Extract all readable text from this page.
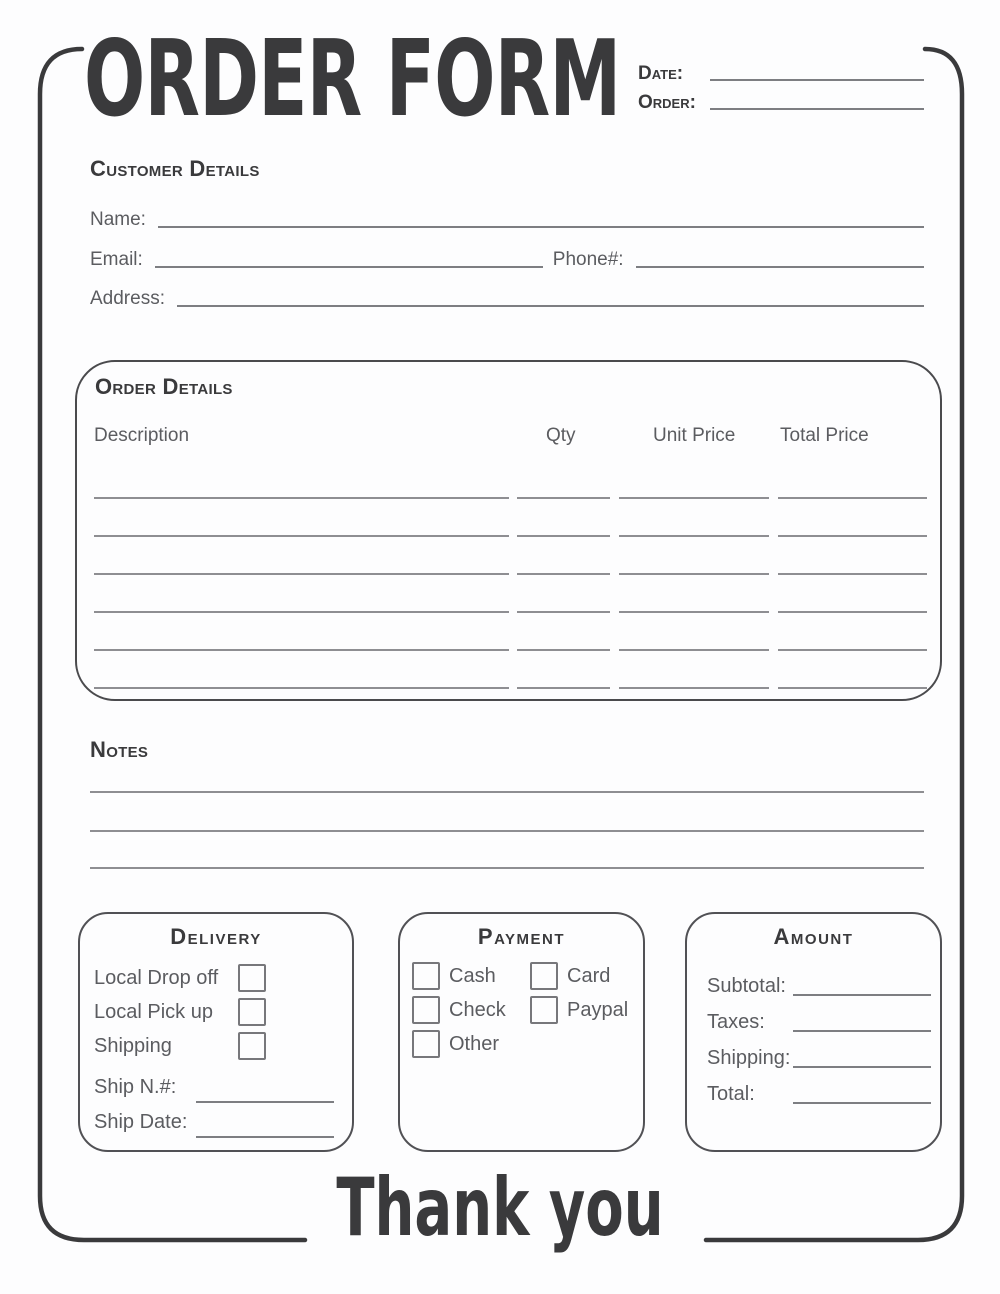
ORDER FORM Date:
Order:
Customer Details
Name:
Email:	Phone#:
Address:
Order Details
Description	Qty	Unit Price Total Price
Notes
Delivery
Local Drop off
Local Pick up
Shipping
Ship N.#:
Ship Date:
Payment
Cash	Card
Check	Paypal
Other
Amount
Subtotal:
Taxes:
Shipping:
Total:
Thank you
